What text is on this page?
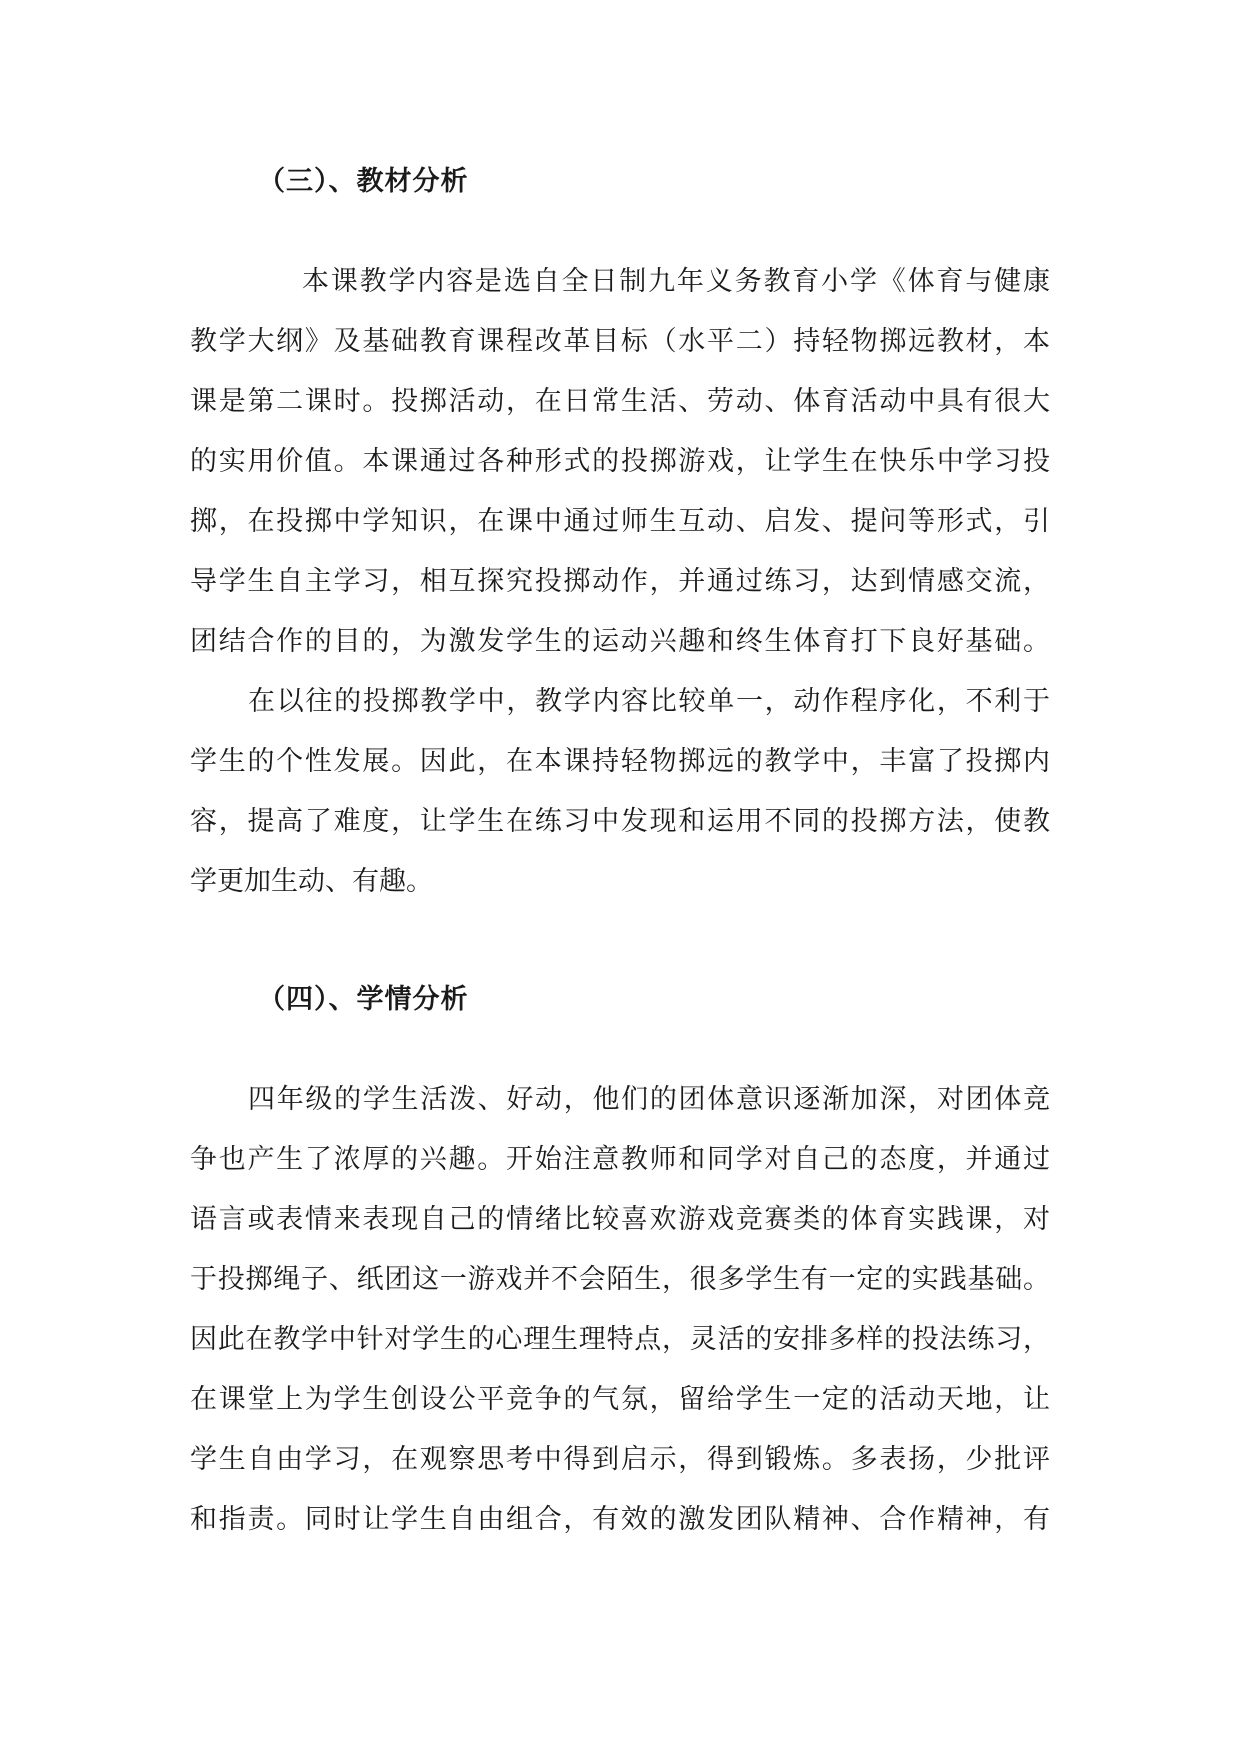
（三）、教材分析
本课教学内容是选自全日制九年义务教育小学《体育与健康
教学大纲》及基础教育课程改革目标（水平二）持轻物掷远教材，本
课是第二课时。投掷活动，在日常生活、劳动、体育活动中具有很大
的实用价值。本课通过各种形式的投掷游戏，让学生在快乐中学习投
掷，在投掷中学知识，在课中通过师生互动、启发、提问等形式，引
导学生自主学习，相互探究投掷动作，并通过练习，达到情感交流，
团结合作的目的，为激发学生的运动兴趣和终生体育打下良好基础。
在以往的投掷教学中，教学内容比较单一，动作程序化，不利于
学生的个性发展。因此，在本课持轻物掷远的教学中，丰富了投掷内
容，提高了难度，让学生在练习中发现和运用不同的投掷方法，使教
学更加生动、有趣。
（四）、学情分析
四年级的学生活泼、好动，他们的团体意识逐渐加深，对团体竞
争也产生了浓厚的兴趣。开始注意教师和同学对自己的态度，并通过
语言或表情来表现自己的情绪比较喜欢游戏竞赛类的体育实践课，对
于投掷绳子、纸团这一游戏并不会陌生，很多学生有一定的实践基础。
因此在教学中针对学生的心理生理特点，灵活的安排多样的投法练习，
在课堂上为学生创设公平竞争的气氛，留给学生一定的活动天地，让
学生自由学习，在观察思考中得到启示，得到锻炼。多表扬，少批评
和指责。同时让学生自由组合，有效的激发团队精神、合作精神，有
